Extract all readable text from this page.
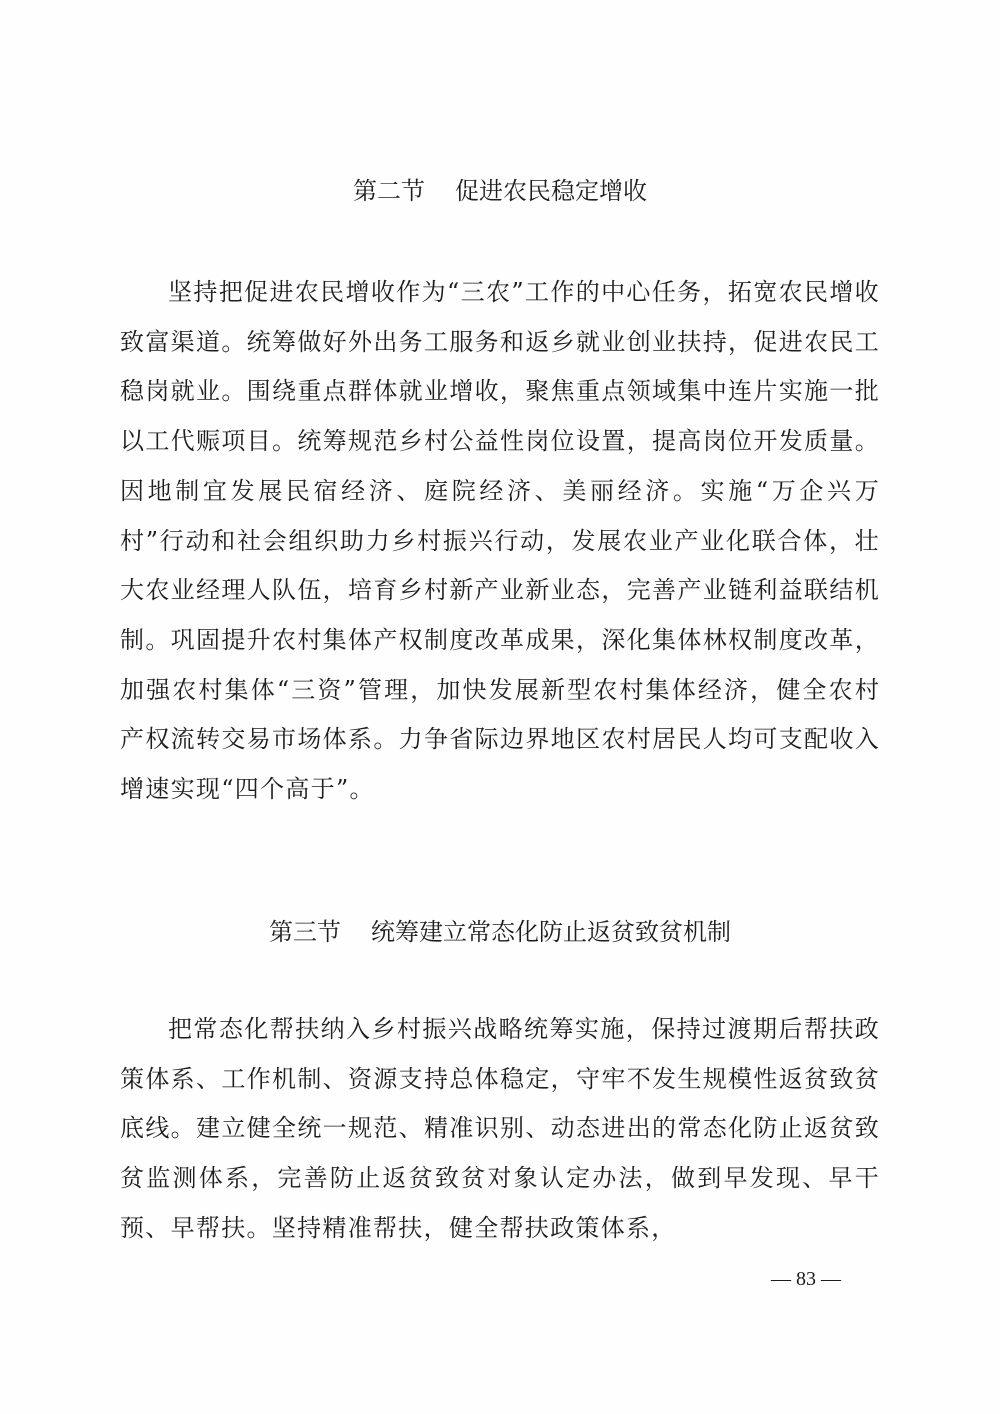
第二节 促进农民稳定增收

坚持把促进农民增收作为“三农”工作的中心任务，拓宽农民增收致富渠道。统筹做好外出务工服务和返乡就业创业扶持，促进农民工稳岗就业。围绕重点群体就业增收，聚焦重点领域集中连片实施一批以工代赈项目。统筹规范乡村公益性岗位设置，提高岗位开发质量。因地制宜发展民宿经济、庭院经济、美丽经济。实施“万企兴万村”行动和社会组织助力乡村振兴行动，发展农业产业化联合体，壮大农业经理人队伍，培育乡村新产业新业态，完善产业链利益联结机制。巩固提升农村集体产权制度改革成果，深化集体林权制度改革，加强农村集体“三资”管理，加快发展新型农村集体经济，健全农村产权流转交易市场体系。力争省际边界地区农村居民人均可支配收入增速实现“四个高于”。

第三节 统筹建立常态化防止返贫致贫机制

把常态化帮扶纳入乡村振兴战略统筹实施，保持过渡期后帮扶政策体系、工作机制、资源支持总体稳定，守牢不发生规模性返贫致贫底线。建立健全统一规范、精准识别、动态进出的常态化防止返贫致贫监测体系，完善防止返贫致贫对象认定办法，做到早发现、早干预、早帮扶。坚持精准帮扶，健全帮扶政策体系，

— 83 —
